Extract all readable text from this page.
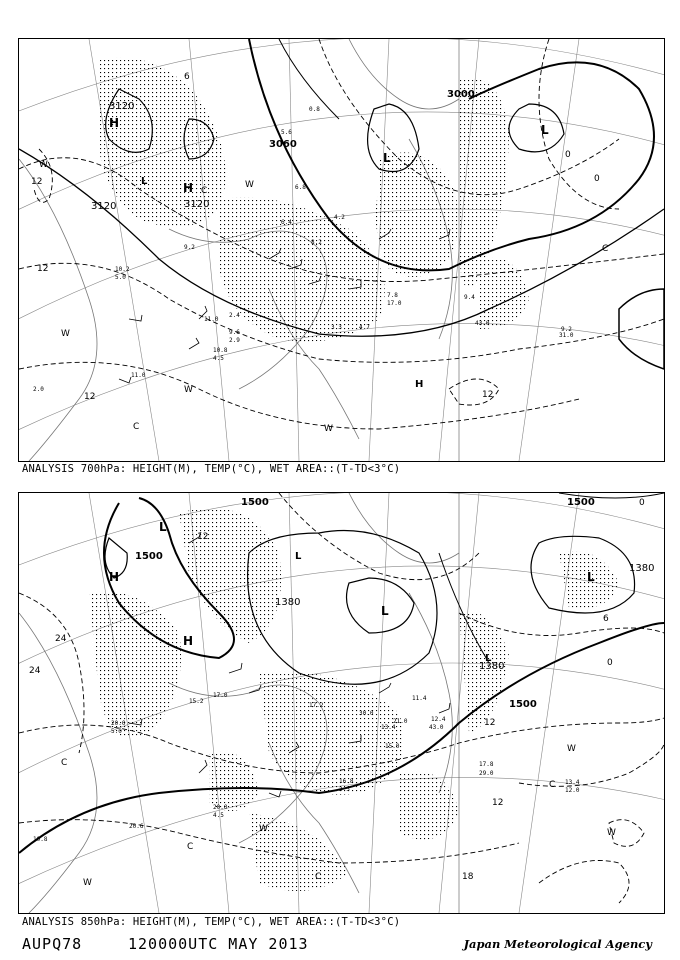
3000
3120
3120
3120
3060
12
12
12	12
6
0
0
C
W
W
W
W
W
C
C
H
H
H
L
L
L
10.2
9.2
9.6
2.4
10.8
11.0
11.0
7.8
8.2
6.4
4.2
9.4
9.2
0.8
5.6
6.8
31.0
43.0
17.0
4.7
3.3
2.9
4.5
5.0
2.0
ANALYSIS 700hPa: HEIGHT(M), TEMP(°C), WET AREA::(T-TD<3°C)
1500
1500
1500
1500
1380
1380
1380
24
24
12
12
12
18
6
0
0
C
C
C
W
W
W	W
C
H
H
L
L
L
L
L
20.0
15.2
17.0
20.0
16.8
17.2
15.0
11.4
13.4
12.4
20.6
10.8
17.8
13.4
30.0
43.0
21.0
29.0
12.0
2.5
4.5
5.0
ANALYSIS 850hPa: HEIGHT(M), TEMP(°C), WET AREA::(T-TD<3°C)
AUPQ78	120000UTC MAY 2013	Japan Meteorological Agency
